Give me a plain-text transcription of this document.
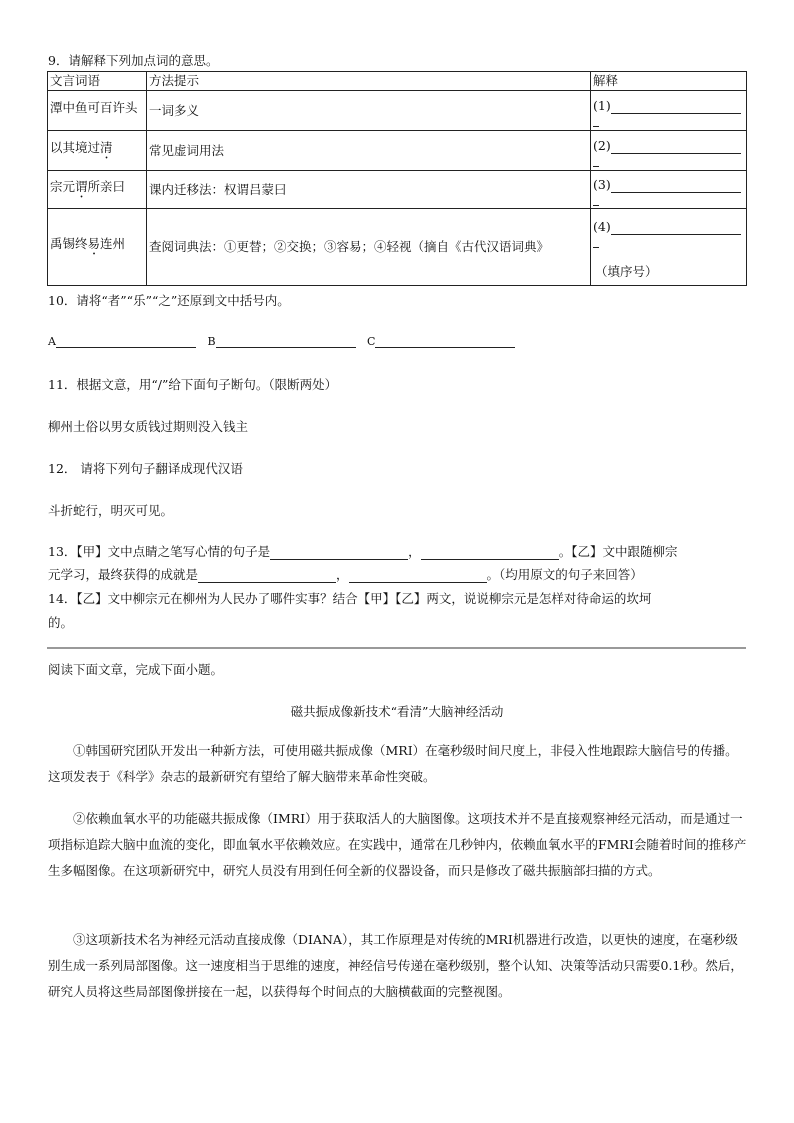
9．请解释下列加点词的意思。
文言词语	方法提示	解释
潭中鱼可百许头	一词多义	(1)

以其境过清	常见虚词用法	(2)

宗元谓所亲曰	课内迁移法：权谓吕蒙曰	(3)

禹锡终易连州	查阅词典法：①更替；②交换；③容易；④轻视（摘自《古代汉语词典》	(4)
（填序号）
10．请将“者”“乐”“之”还原到文中括号内。
A	B	C
11．根据文意，用“/”给下面句子断句。（限断两处）
柳州土俗以男女质钱过期则没入钱主
12． 请将下列句子翻译成现代汉语
斗折蛇行，明灭可见。
13．【甲】文中点睛之笔写心情的句子是	，	。【乙】文中跟随柳宗
元学习，最终获得的成就是	，	。（均用原文的句子来回答）
14．【乙】文中柳宗元在柳州为人民办了哪件实事？结合【甲】【乙】两文，说说柳宗元是怎样对待命运的坎坷
的。
阅读下面文章，完成下面小题。
磁共振成像新技术“看清”大脑神经活动
①韩国研究团队开发出一种新方法，可使用磁共振成像（MRI）在毫秒级时间尺度上，非侵入性地跟踪大脑信号的传播。这项发表于《科学》杂志的最新研究有望给了解大脑带来革命性突破。
②依赖血氧水平的功能磁共振成像（IMRI）用于获取活人的大脑图像。这项技术并不是直接观察神经元活动，而是通过一项指标追踪大脑中血流的变化，即血氧水平依赖效应。在实践中，通常在几秒钟内，依赖血氧水平的FMRI会随着时间的推移产生多幅图像。在这项新研究中，研究人员没有用到任何全新的仪器设备，而只是修改了磁共振脑部扫描的方式。
③这项新技术名为神经元活动直接成像（DIANA），其工作原理是对传统的MRI机器进行改造，以更快的速度，在毫秒级别生成一系列局部图像。这一速度相当于思维的速度，神经信号传递在毫秒级别，整个认知、决策等活动只需要0.1秒。然后，研究人员将这些局部图像拼接在一起，以获得每个时间点的大脑横截面的完整视图。
